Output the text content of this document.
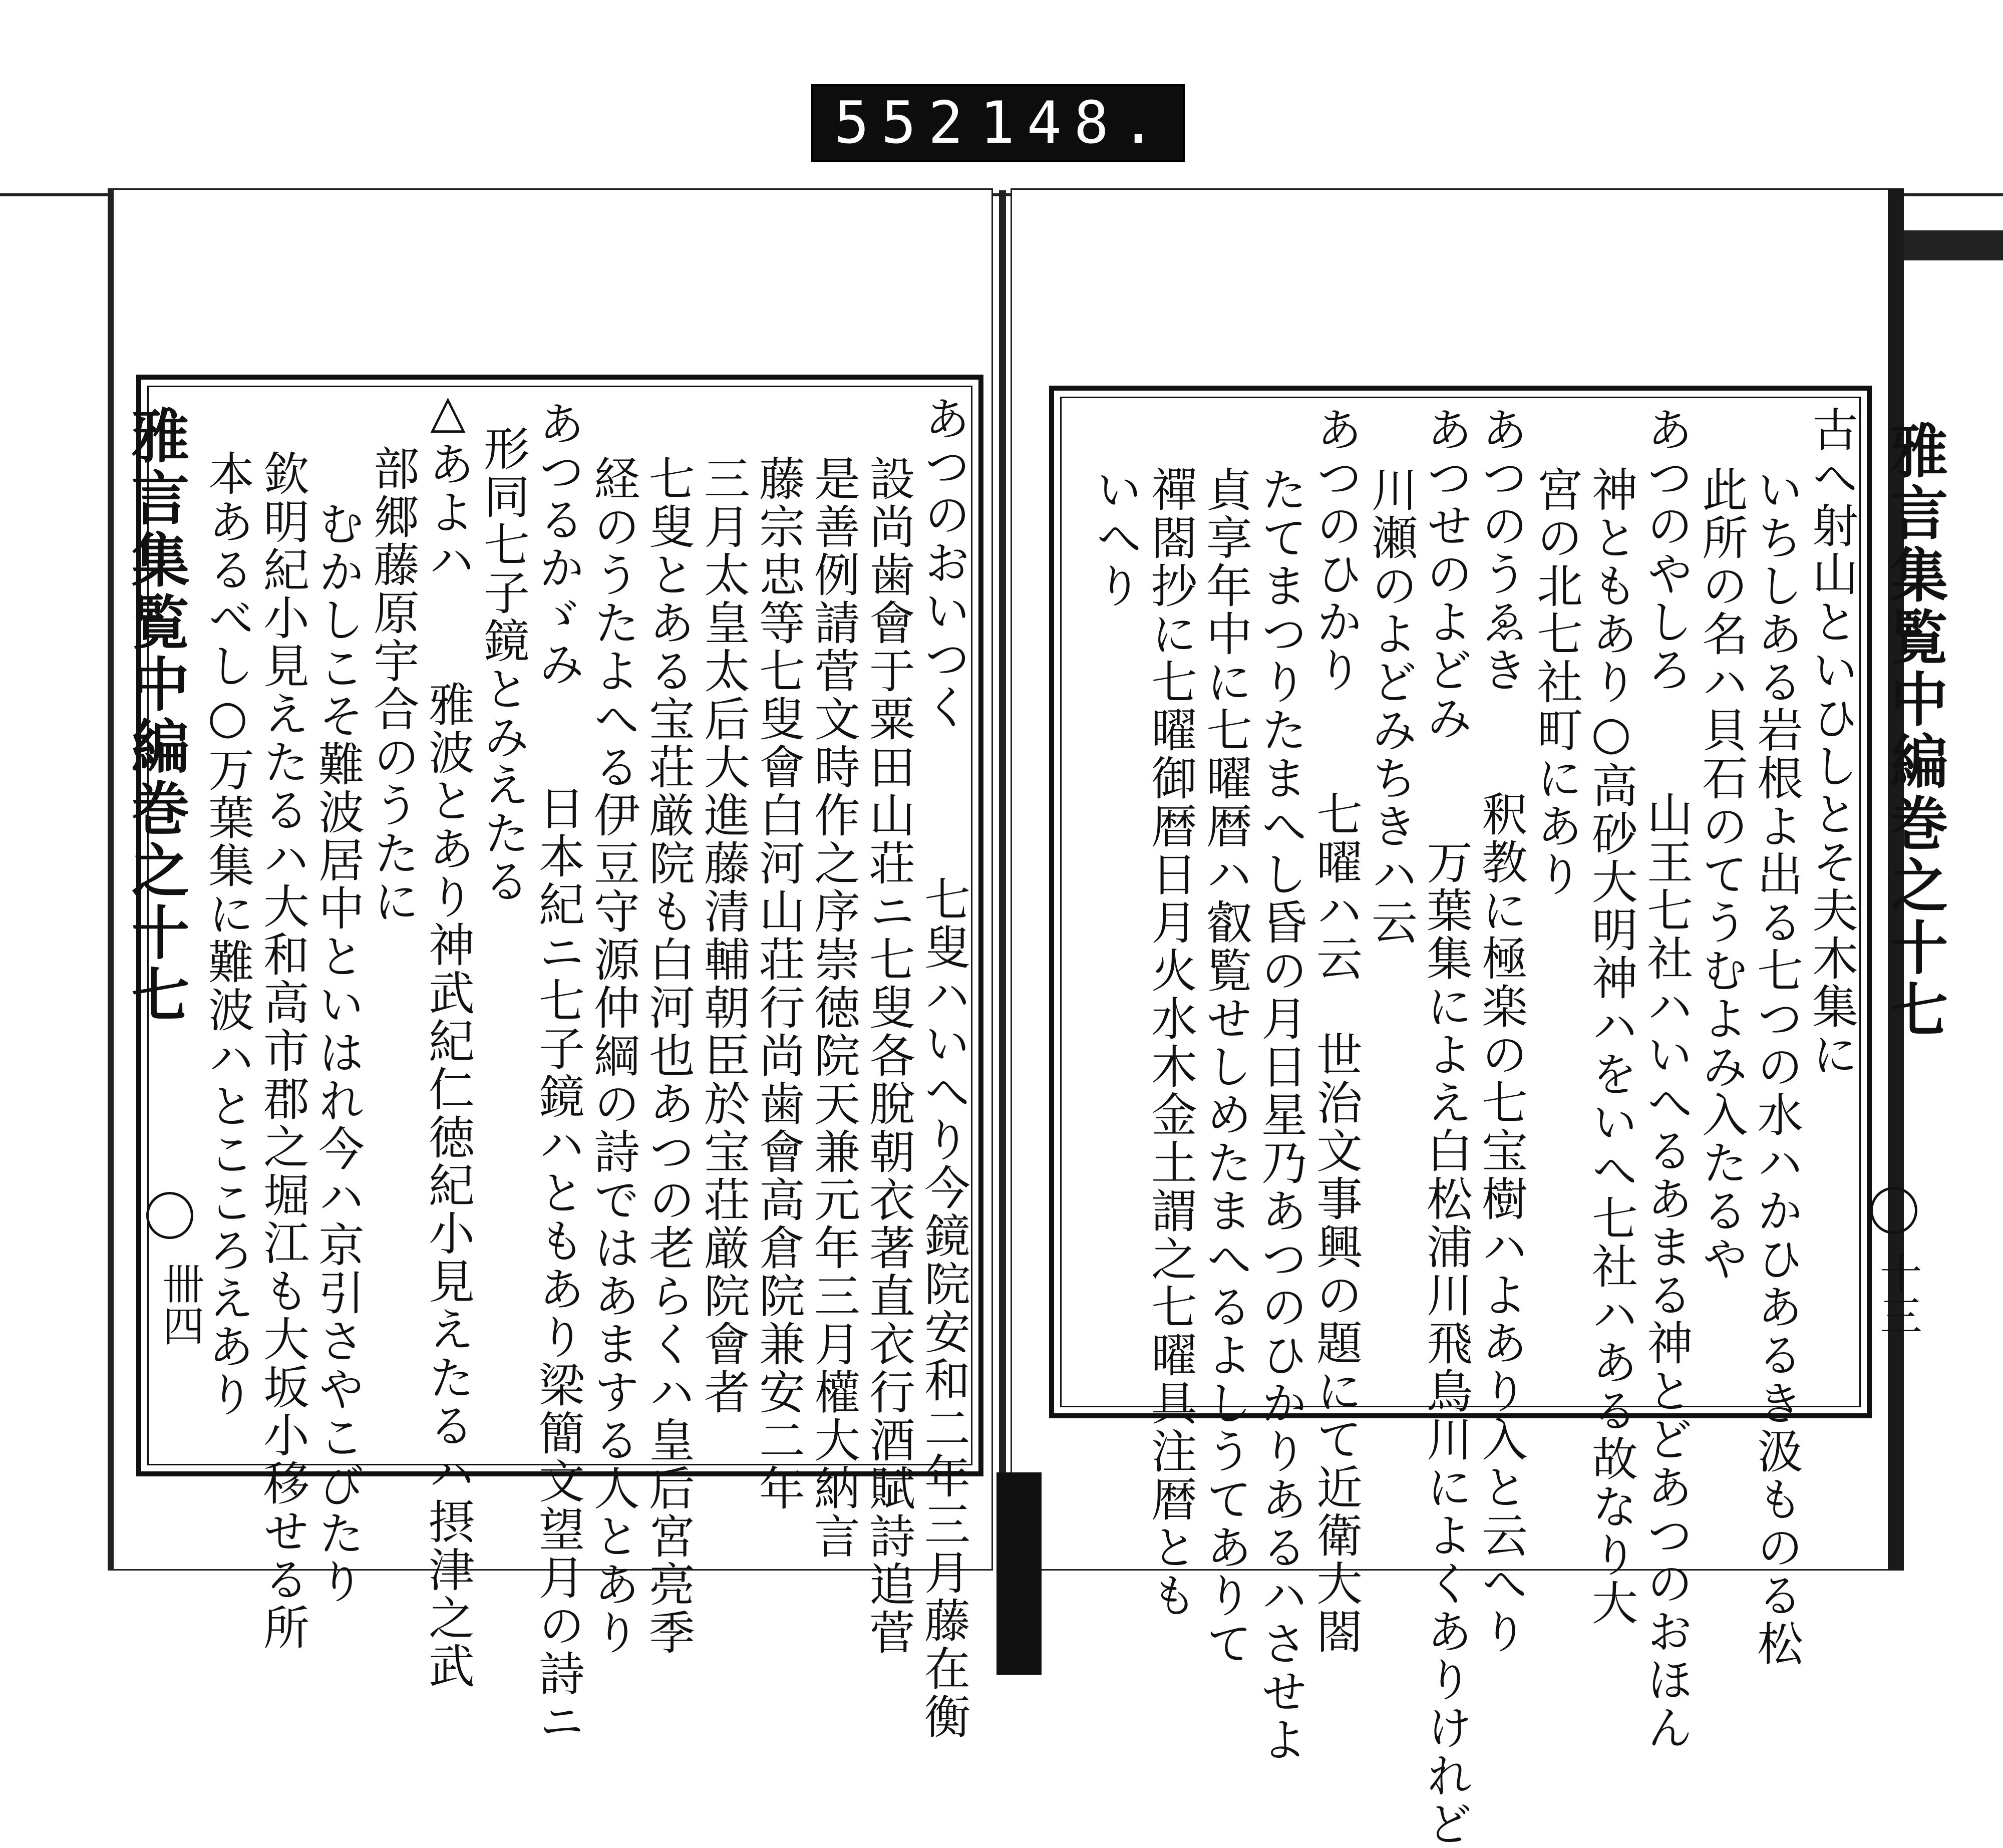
552 148.
雅言集覧中編巻之十七
卌四
雅言集覧中編巻之十七
十三
あつのおいつく　　　七叟ハいへり今鏡院安和二年三月藤在衡
設尚歯會于粟田山荘ニ七叟各脫朝衣著直衣行酒賦詩追菅
是善例請菅文時作之序崇徳院天兼元年三月權大納言
藤宗忠等七叟會白河山荘行尚歯會高倉院兼安二年
三月太皇太后大進藤清輔朝臣於宝荘厳院會者
七叟とある宝荘厳院も白河也あつの老らくハ皇后宮亮季
経のうたよへる伊豆守源仲綱の詩ではあまする人とあり
あつるかゞみ　　日本紀ニ七子鏡ハともあり梁簡文望月の詩ニ
形同七子鏡とみえたる
△あよハ　　雅波とあり神武紀仁徳紀小見えたるハ摂津之武
部郷藤原宇合のうたに
むかしこそ難波居中といはれ今ハ京引さやこびたり
欽明紀小見えたるハ大和高市郡之堀江も大坂小移せる所
本あるべし○万葉集に難波ハとこころえあり	古へ射山といひしとそ夫木集に
いちしある岩根よ出る七つの水ハかひあるき汲ものる松
此所の名ハ貝石のてうむよみ入たるや
あつのやしろ　　山王七社ハいへるあまる神とどあつのおほん
神ともあり○高砂大明神ハをいへ七社ハある故なり大
宮の北七社町にあり
あつのうゑき　　釈教に極楽の七宝樹ハよあり入と云へり
あつせのよどみ　　万葉集によえ白松浦川飛鳥川によくありけれど
川瀬のよどみちきハ云
あつのひかり　　七曜ハ云　世治文事興の題にて近衛大閤
たてまつりたまへし昏の月日星乃あつのひかりあるハさせよ
貞享年中に七曜暦ハ叡覧せしめたまへるよしうてありて
禪閤抄に七曜御暦日月火水木金土謂之七曜具注暦とも
いへり
